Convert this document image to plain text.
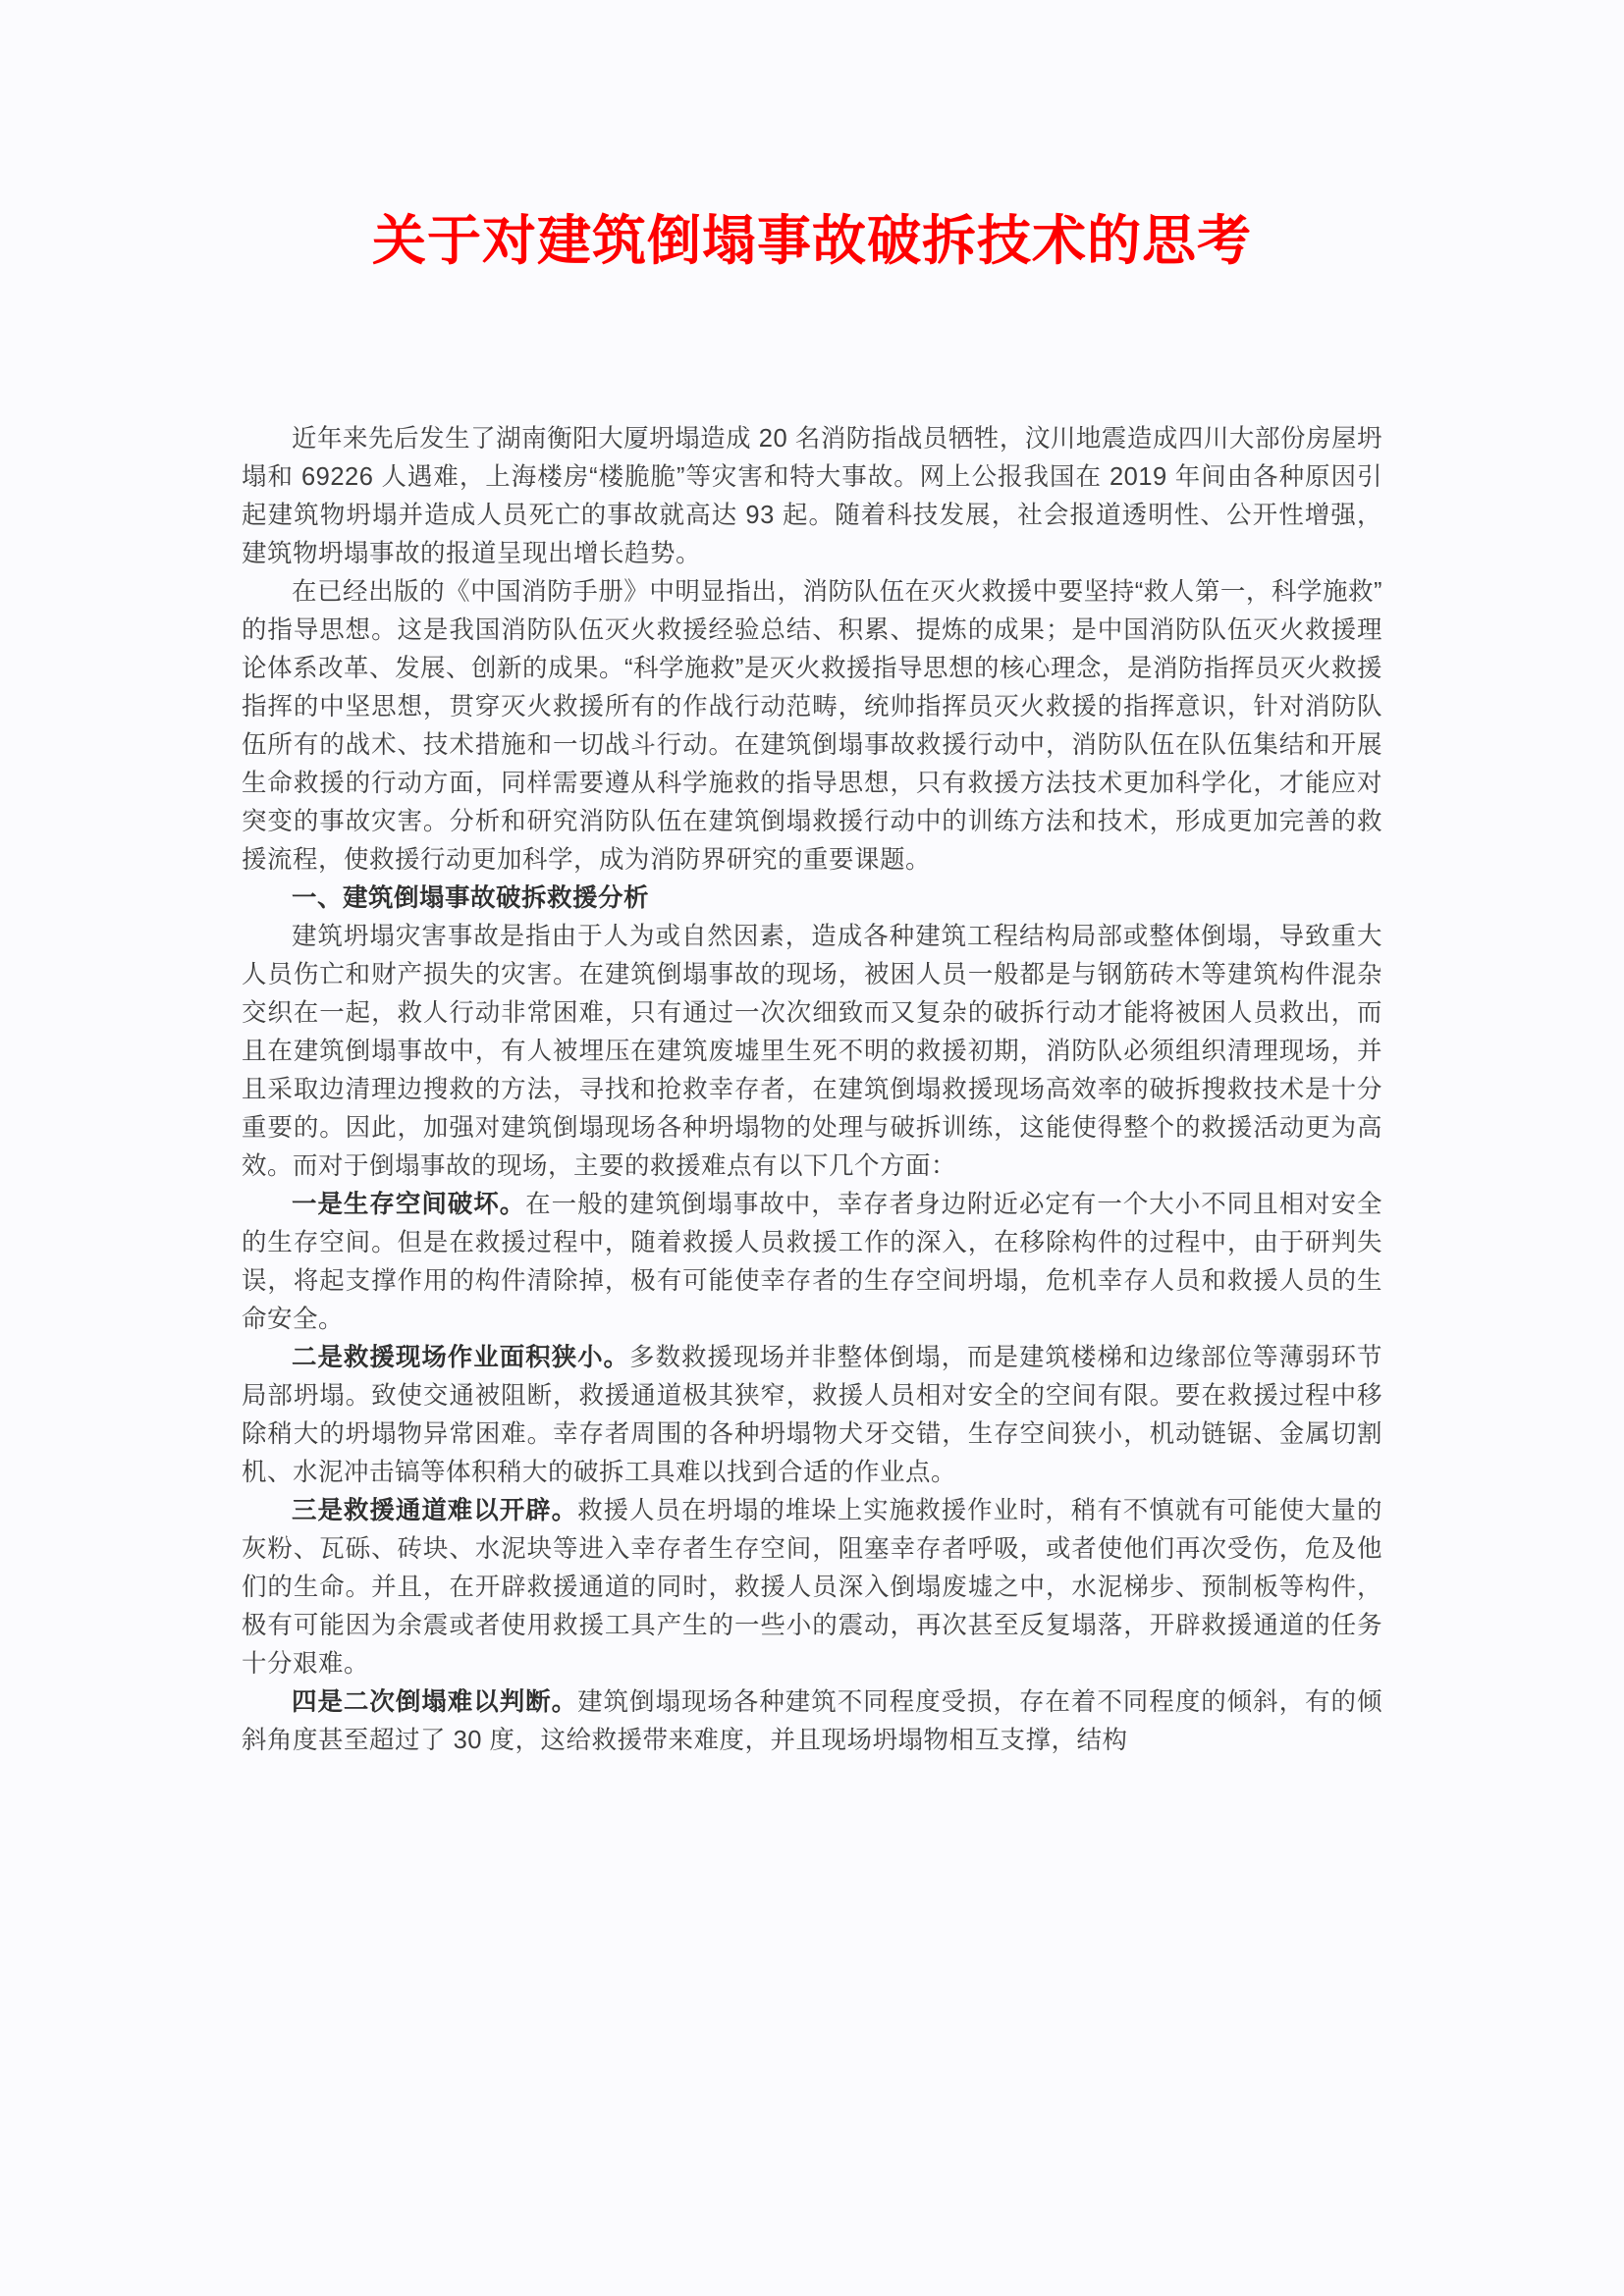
关于对建筑倒塌事故破拆技术的思考

近年来先后发生了湖南衡阳大厦坍塌造成 20 名消防指战员牺牲，汶川地震造成四川大部份房屋坍塌和 69226 人遇难，上海楼房“楼脆脆”等灾害和特大事故。网上公报我国在 2019 年间由各种原因引起建筑物坍塌并造成人员死亡的事故就高达 93 起。随着科技发展，社会报道透明性、公开性增强，建筑物坍塌事故的报道呈现出增长趋势。

在已经出版的《中国消防手册》中明显指出，消防队伍在灭火救援中要坚持“救人第一，科学施救”的指导思想。这是我国消防队伍灭火救援经验总结、积累、提炼的成果；是中国消防队伍灭火救援理论体系改革、发展、创新的成果。“科学施救”是灭火救援指导思想的核心理念，是消防指挥员灭火救援指挥的中坚思想，贯穿灭火救援所有的作战行动范畴，统帅指挥员灭火救援的指挥意识，针对消防队伍所有的战术、技术措施和一切战斗行动。在建筑倒塌事故救援行动中，消防队伍在队伍集结和开展生命救援的行动方面，同样需要遵从科学施救的指导思想，只有救援方法技术更加科学化，才能应对突变的事故灾害。分析和研究消防队伍在建筑倒塌救援行动中的训练方法和技术，形成更加完善的救援流程，使救援行动更加科学，成为消防界研究的重要课题。

一、建筑倒塌事故破拆救援分析

建筑坍塌灾害事故是指由于人为或自然因素，造成各种建筑工程结构局部或整体倒塌，导致重大人员伤亡和财产损失的灾害。在建筑倒塌事故的现场，被困人员一般都是与钢筋砖木等建筑构件混杂交织在一起，救人行动非常困难，只有通过一次次细致而又复杂的破拆行动才能将被困人员救出，而且在建筑倒塌事故中，有人被埋压在建筑废墟里生死不明的救援初期，消防队必须组织清理现场，并且采取边清理边搜救的方法，寻找和抢救幸存者，在建筑倒塌救援现场高效率的破拆搜救技术是十分重要的。因此，加强对建筑倒塌现场各种坍塌物的处理与破拆训练，这能使得整个的救援活动更为高效。而对于倒塌事故的现场，主要的救援难点有以下几个方面：

一是生存空间破坏。在一般的建筑倒塌事故中，幸存者身边附近必定有一个大小不同且相对安全的生存空间。但是在救援过程中，随着救援人员救援工作的深入，在移除构件的过程中，由于研判失误，将起支撑作用的构件清除掉，极有可能使幸存者的生存空间坍塌，危机幸存人员和救援人员的生命安全。

二是救援现场作业面积狭小。多数救援现场并非整体倒塌，而是建筑楼梯和边缘部位等薄弱环节局部坍塌。致使交通被阻断，救援通道极其狭窄，救援人员相对安全的空间有限。要在救援过程中移除稍大的坍塌物异常困难。幸存者周围的各种坍塌物犬牙交错，生存空间狭小，机动链锯、金属切割机、水泥冲击镐等体积稍大的破拆工具难以找到合适的作业点。

三是救援通道难以开辟。救援人员在坍塌的堆垛上实施救援作业时，稍有不慎就有可能使大量的灰粉、瓦砾、砖块、水泥块等进入幸存者生存空间，阻塞幸存者呼吸，或者使他们再次受伤，危及他们的生命。并且，在开辟救援通道的同时，救援人员深入倒塌废墟之中，水泥梯步、预制板等构件，极有可能因为余震或者使用救援工具产生的一些小的震动，再次甚至反复塌落，开辟救援通道的任务十分艰难。

四是二次倒塌难以判断。建筑倒塌现场各种建筑不同程度受损，存在着不同程度的倾斜，有的倾斜角度甚至超过了 30 度，这给救援带来难度，并且现场坍塌物相互支撑，结构
